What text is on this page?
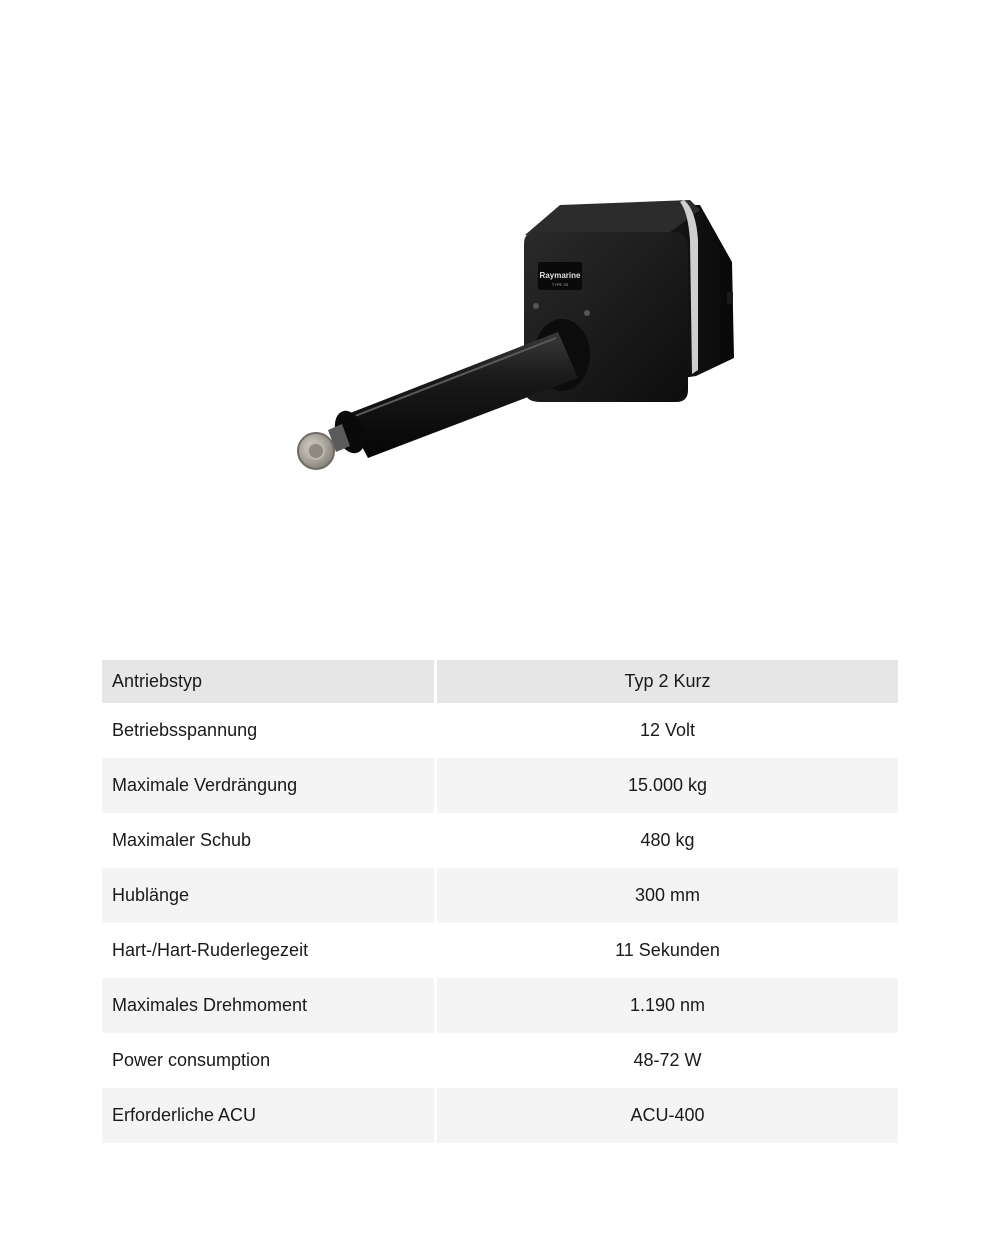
Raymarine
TYPE 2S
Antriebstyp	Typ 2 Kurz
Betriebsspannung	12 Volt
Maximale Verdrängung	15.000 kg
Maximaler Schub	480 kg
Hublänge	300 mm
Hart-/Hart-Ruderlegezeit	11 Sekunden
Maximales Drehmoment	1.190 nm
Power consumption	48-72 W
Erforderliche ACU	ACU-400
